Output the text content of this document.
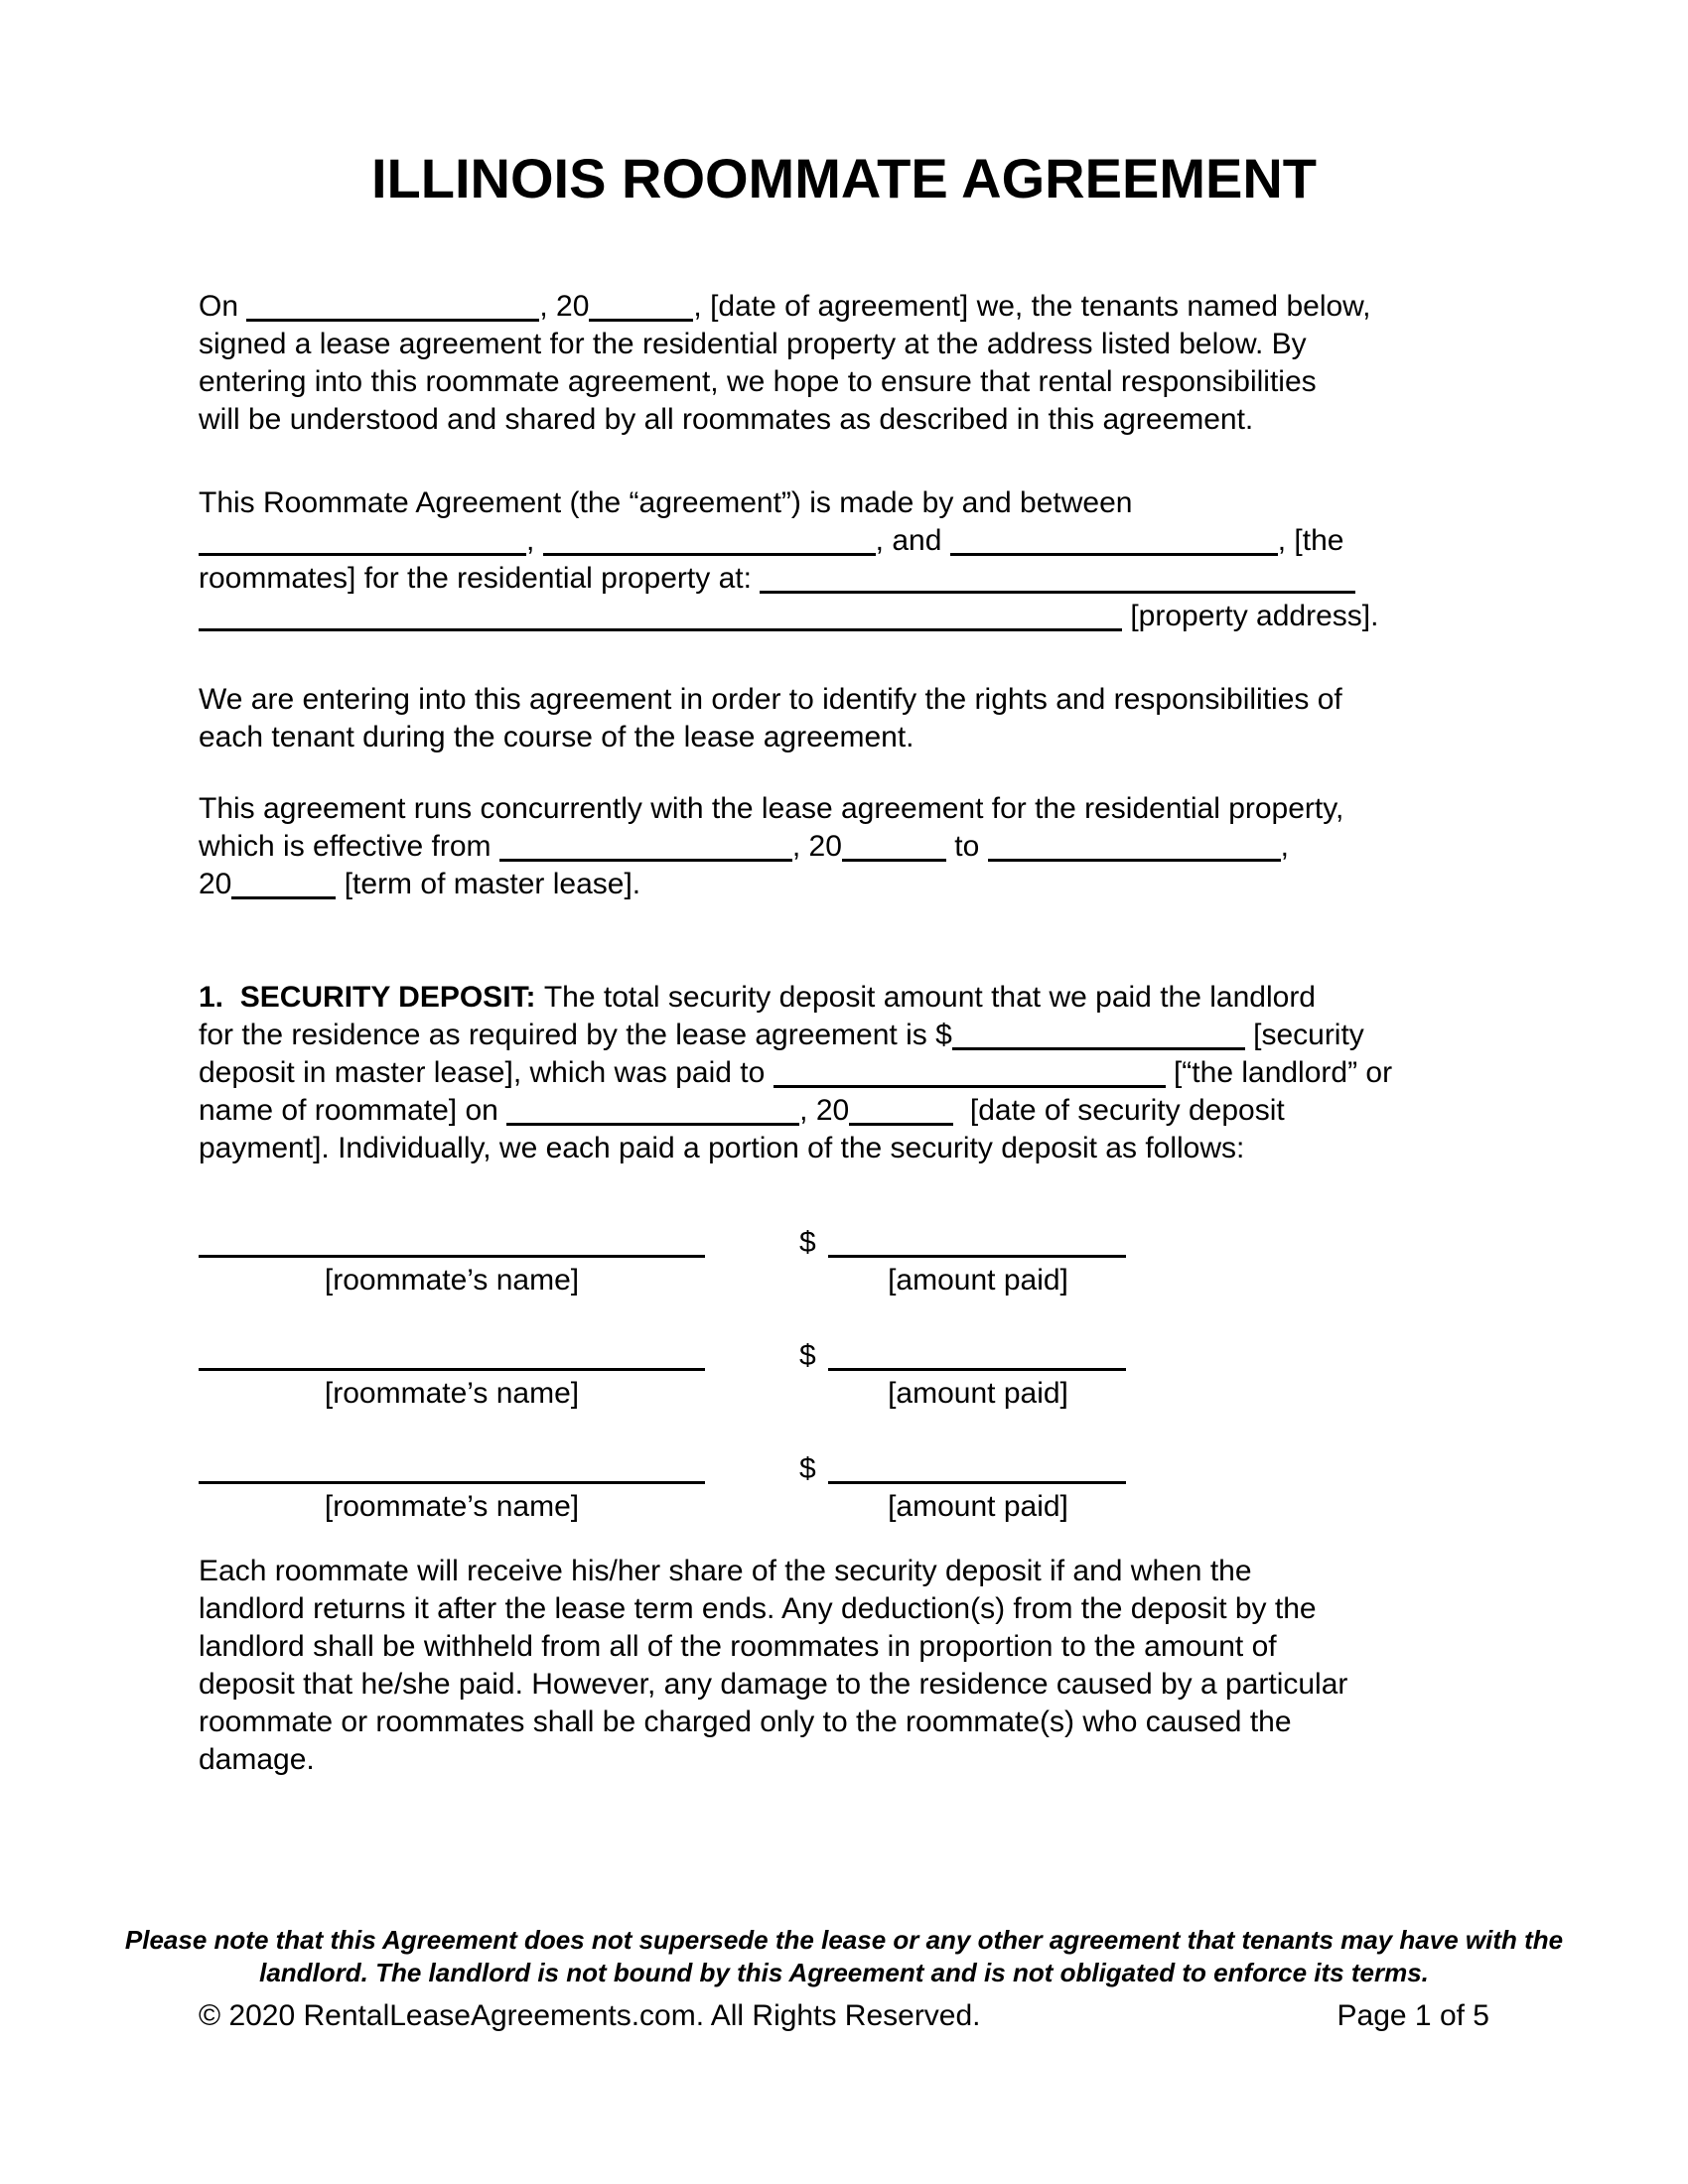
ILLINOIS ROOMMATE AGREEMENT
On	, 20	, [date of agreement] we, the tenants named below,
signed a lease agreement for the residential property at the address listed below. By
entering into this roommate agreement, we hope to ensure that rental responsibilities
will be understood and shared by all roommates as described in this agreement.
This Roommate Agreement (the “agreement”) is made by and between
,	, and	, [the
roommates] for the residential property at:
[property address].
We are entering into this agreement in order to identify the rights and responsibilities of
each tenant during the course of the lease agreement.
This agreement runs concurrently with the lease agreement for the residential property,
which is effective from	, 20	to	,
20	[term of master lease].
1.  SECURITY DEPOSIT: The total security deposit amount that we paid the landlord
for the residence as required by the lease agreement is $	[security
deposit in master lease], which was paid to	[“the landlord” or
name of roommate] on	, 20	[date of security deposit
payment]. Individually, we each paid a portion of the security deposit as follows:
$
[roommate’s name]	[amount paid]
$
[roommate’s name]	[amount paid]
$
[roommate’s name]	[amount paid]
Each roommate will receive his/her share of the security deposit if and when the
landlord returns it after the lease term ends. Any deduction(s) from the deposit by the
landlord shall be withheld from all of the roommates in proportion to the amount of
deposit that he/she paid. However, any damage to the residence caused by a particular
roommate or roommates shall be charged only to the roommate(s) who caused the
damage.
Please note that this Agreement does not supersede the lease or any other agreement that tenants may have with the
landlord. The landlord is not bound by this Agreement and is not obligated to enforce its terms.
© 2020 RentalLeaseAgreements.com. All Rights Reserved.	Page 1 of 5
